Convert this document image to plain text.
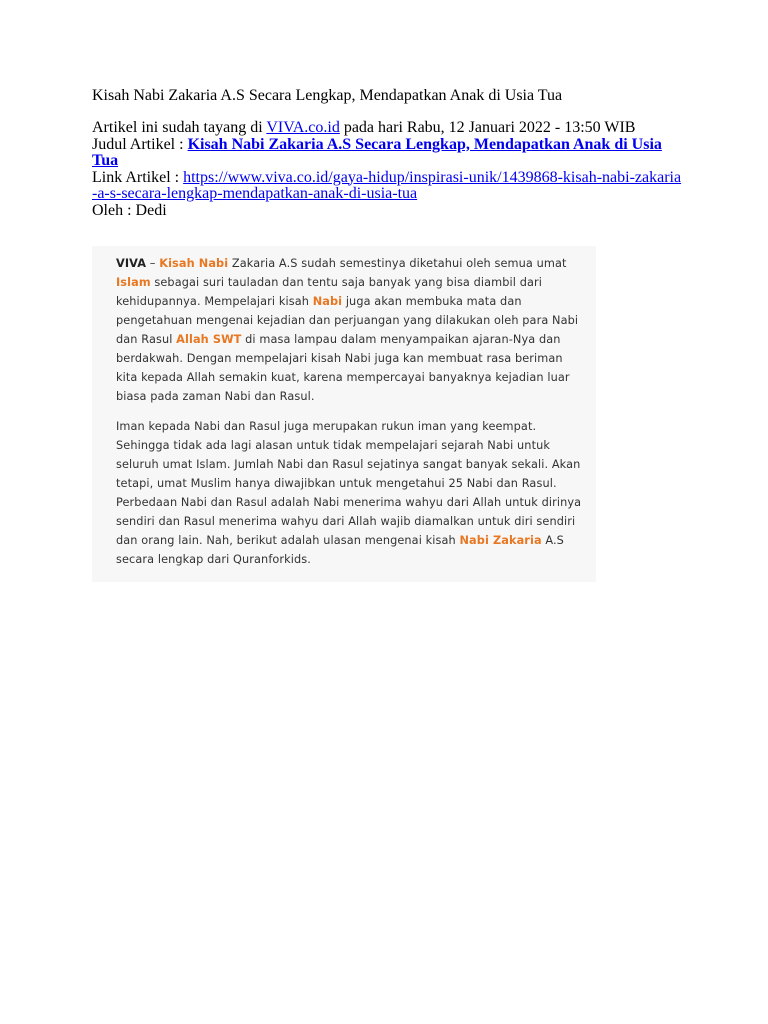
Kisah Nabi Zakaria A.S Secara Lengkap, Mendapatkan Anak di Usia Tua
Artikel ini sudah tayang di VIVA.co.id pada hari Rabu, 12 Januari 2022 - 13:50 WIB
Judul Artikel : Kisah Nabi Zakaria A.S Secara Lengkap, Mendapatkan Anak di Usia Tua
Link Artikel : https://www.viva.co.id/gaya-hidup/inspirasi-unik/1439868-kisah-nabi-zakaria-a-s-secara-lengkap-mendapatkan-anak-di-usia-tua
Oleh : Dedi

VIVA – Kisah Nabi Zakaria A.S sudah semestinya diketahui oleh semua umat Islam sebagai suri tauladan dan tentu saja banyak yang bisa diambil dari kehidupannya. Mempelajari kisah Nabi juga akan membuka mata dan pengetahuan mengenai kejadian dan perjuangan yang dilakukan oleh para Nabi dan Rasul Allah SWT di masa lampau dalam menyampaikan ajaran-Nya dan berdakwah. Dengan mempelajari kisah Nabi juga kan membuat rasa beriman kita kepada Allah semakin kuat, karena mempercayai banyaknya kejadian luar biasa pada zaman Nabi dan Rasul.

Iman kepada Nabi dan Rasul juga merupakan rukun iman yang keempat. Sehingga tidak ada lagi alasan untuk tidak mempelajari sejarah Nabi untuk seluruh umat Islam. Jumlah Nabi dan Rasul sejatinya sangat banyak sekali. Akan tetapi, umat Muslim hanya diwajibkan untuk mengetahui 25 Nabi dan Rasul. Perbedaan Nabi dan Rasul adalah Nabi menerima wahyu dari Allah untuk dirinya sendiri dan Rasul menerima wahyu dari Allah wajib diamalkan untuk diri sendiri dan orang lain. Nah, berikut adalah ulasan mengenai kisah Nabi Zakaria A.S secara lengkap dari Quranforkids.
